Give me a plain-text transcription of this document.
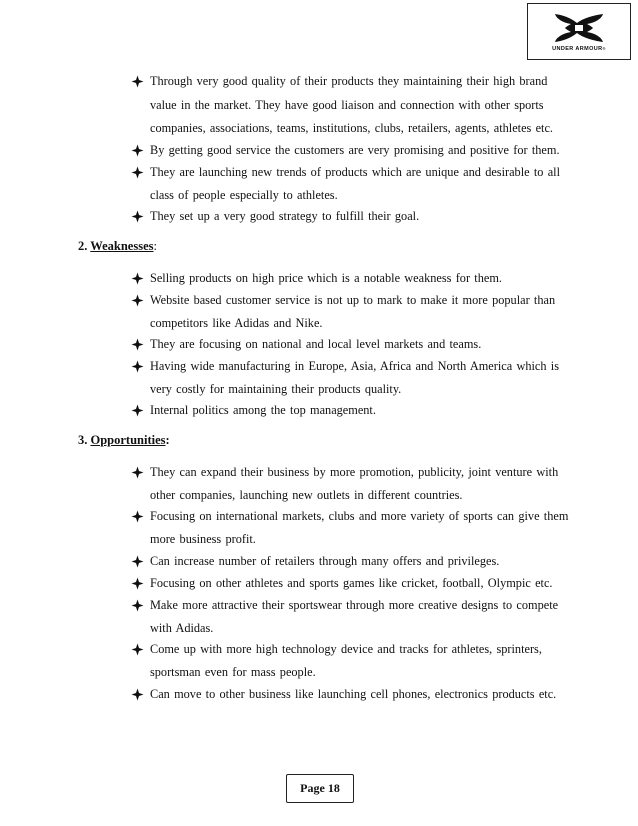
UNDER ARMOUR®
Through very good quality of their products they maintaining their high brand
value in the market. They have good liaison and connection with other sports
companies, associations, teams, institutions, clubs, retailers, agents, athletes etc.
By getting good service the customers are very promising and positive for them.
They are launching new trends of products which are unique and desirable to all
class of people especially to athletes.
They set up a very good strategy to fulfill their goal.
2. Weaknesses:
Selling products on high price which is a notable weakness for them.
Website based customer service is not up to mark to make it more popular than
competitors like Adidas and Nike.
They are focusing on national and local level markets and teams.
Having wide manufacturing in Europe, Asia, Africa and North America which is
very costly for maintaining their products quality.
Internal politics among the top management.
3. Opportunities:
They can expand their business by more promotion, publicity, joint venture with
other companies, launching new outlets in different countries.
Focusing on international markets, clubs and more variety of sports can give them
more business profit.
Can increase number of retailers through many offers and privileges.
Focusing on other athletes and sports games like cricket, football, Olympic etc.
Make more attractive their sportswear through more creative designs to compete
with Adidas.
Come up with more high technology device and tracks for athletes, sprinters,
sportsman even for mass people.
Can move to other business like launching cell phones, electronics products etc.
Page 18
